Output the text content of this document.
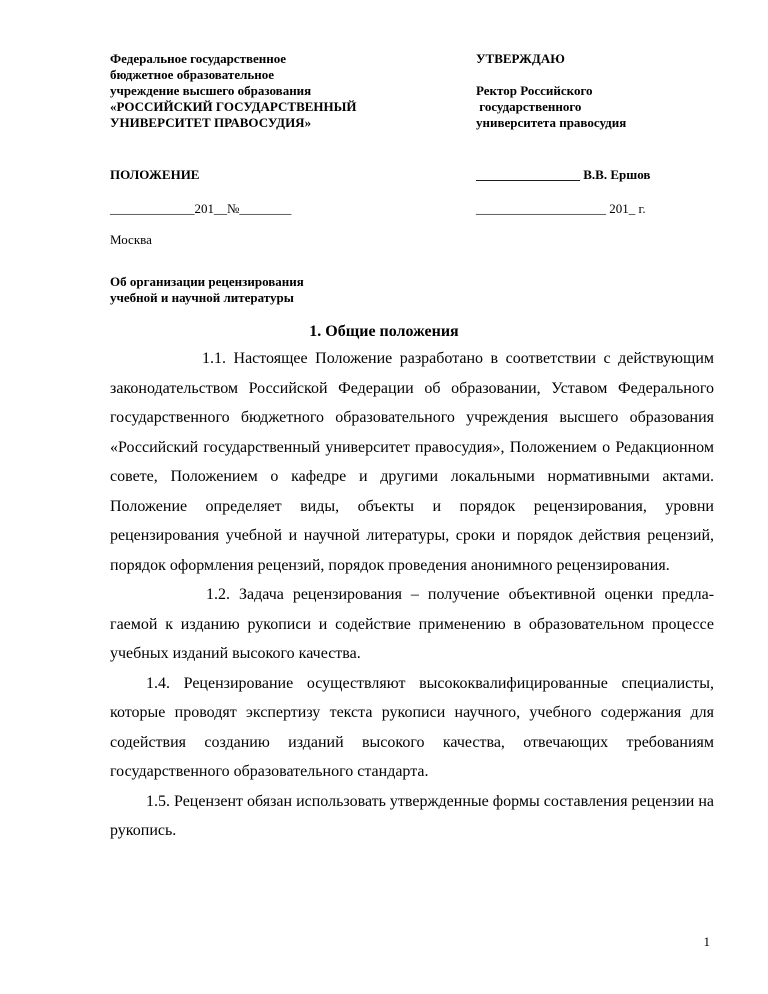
Федеральное государственное
бюджетное образовательное
учреждение высшего образования
«РОССИЙСКИЙ ГОСУДАРСТВЕННЫЙ
УНИВЕРСИТЕТ ПРАВОСУДИЯ»
УТВЕРЖДАЮ
Ректор Российского
государственного
университета правосудия
ПОЛОЖЕНИЕ	________________ В.В. Ершов
_____________201__№________	____________________ 201_ г.
Москва
Об организации рецензирования
учебной и научной литературы
1. Общие положения

1.1. Настоящее Положение разработано в соответствии с действующим законодательством Российской Федерации об образовании, Уставом Федерального государственного бюджетного образовательного учреждения высшего образования «Российский государственный университет правосудия», Положением о Редакционном совете, Положением о кафедре и другими локальными нормативными актами. Положение определяет виды, объекты и порядок рецензирования, уровни рецензирования учебной и научной литературы, сроки и порядок действия рецензий, порядок оформления рецензий, порядок проведения анонимного рецензирования.

1.2. Задача рецензирования – получение объективной оценки предлагаемой к изданию рукописи и содействие применению в образовательном процессе учебных изданий высокого качества.

1.4. Рецензирование осуществляют высококвалифицированные специалисты, которые проводят экспертизу текста рукописи научного, учебного содержания для содействия созданию изданий высокого качества, отвечающих требованиям государственного образовательного стандарта.

1.5. Рецензент обязан использовать утвержденные формы составления рецензии на рукопись.

1
